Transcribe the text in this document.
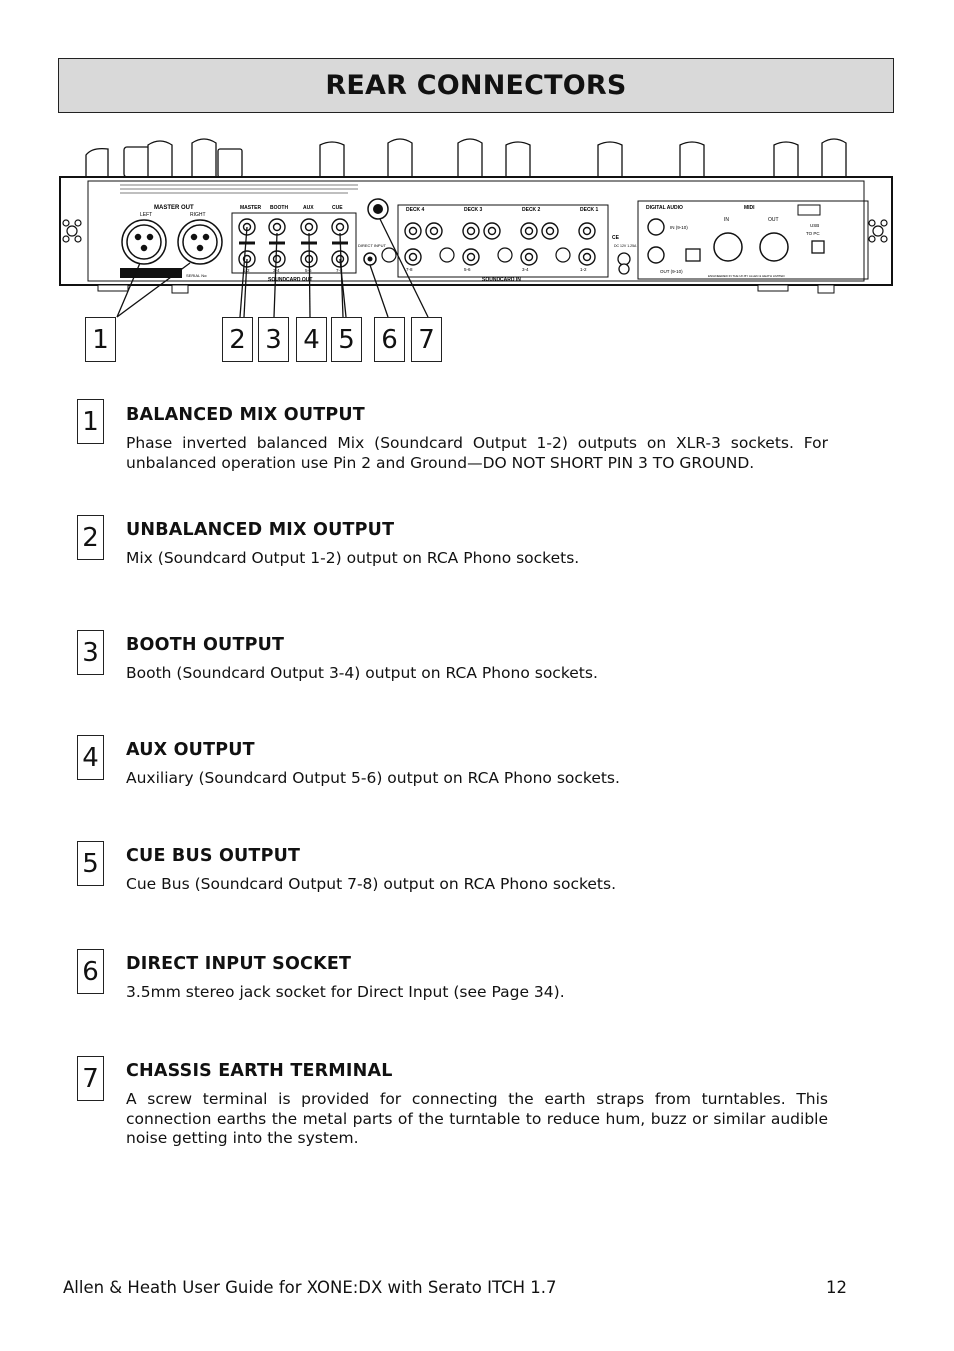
REAR CONNECTORS
MASTER OUT
LEFT	RIGHT
SERIAL No:
MASTER BOOTH	AUX	CUE
1-2	3-4	5-6	7-8
SOUNDCARD OUT
DIRECT INPUT
DECK 4	DECK 3	DECK 2	DECK 1
7-8	5-6	3-4	1-2
SOUNDCARD IN
CE
DC 12V 1.25A
DIGITAL AUDIO
IN (9-10)
OUT (9-10)
MIDI
IN	OUT
USB
TO PC
ENGINEERED IN THE UK BY ALLEN & HEATH LIMITED
1	2 3 4 5 6 7
1 BALANCED MIX OUTPUT

Phase inverted balanced Mix (Soundcard Output 1-2) outputs on XLR-3 sockets. For unbalanced operation use Pin 2 and Ground—DO NOT SHORT PIN 3 TO GROUND.

2 UNBALANCED MIX OUTPUT

Mix (Soundcard Output 1-2) output on RCA Phono sockets.

3 BOOTH OUTPUT

Booth (Soundcard Output 3-4) output on RCA Phono sockets.

4 AUX OUTPUT

Auxiliary (Soundcard Output 5-6) output on RCA Phono sockets.

5 CUE BUS OUTPUT

Cue Bus (Soundcard Output 7-8) output on RCA Phono sockets.

6 DIRECT INPUT SOCKET

3.5mm stereo jack socket for Direct Input (see Page 34).

7 CHASSIS EARTH TERMINAL

A screw terminal is provided for connecting the earth straps from turntables. This connection earths the metal parts of the turntable to reduce hum, buzz or similar audible noise getting into the system.

Allen & Heath User Guide for XONE:DX with Serato ITCH 1.7	12
